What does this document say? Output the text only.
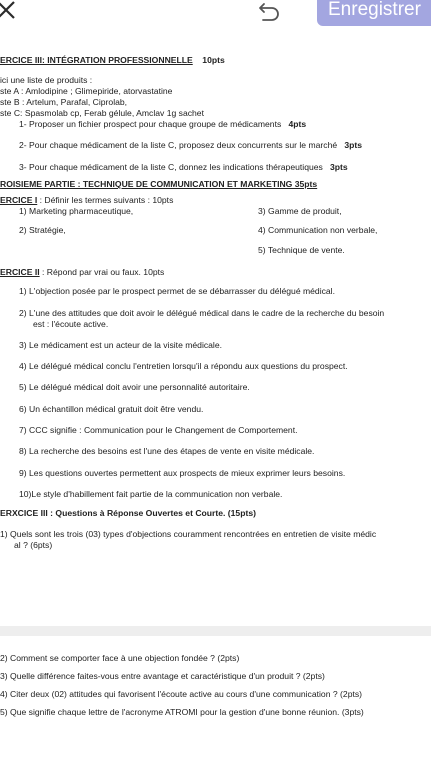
Enregistrer
ERCICE III: INTÉGRATION PROFESSIONNELLE 10pts
ici une liste de produits :
ste A : Amlodipine ; Glimepiride, atorvastatine
ste B : Artelum, Parafal, Ciprolab,
ste C: Spasmolab cp, Ferab gélule, Amclav 1g sachet
1- Proposer un fichier prospect pour chaque groupe de médicaments 4pts
2- Pour chaque médicament de la liste C, proposez deux concurrents sur le marché 3pts
3- Pour chaque médicament de la liste C, donnez les indications thérapeutiques 3pts
ROISIEME PARTIE : TECHNIQUE DE COMMUNICATION ET MARKETING 35pts
ERCICE I : Définir les termes suivants : 10pts
1) Marketing pharmaceutique,
2) Stratégie,
3) Gamme de produit,
4) Communication non verbale,
5) Technique de vente.
ERCICE II : Répond par vrai ou faux. 10pts
1) L'objection posée par le prospect permet de se débarrasser du délégué médical.
2) L'une des attitudes que doit avoir le délégué médical dans le cadre de la recherche du besoin
est : l'écoute active.
3) Le médicament est un acteur de la visite médicale.
4) Le délégué médical conclu l'entretien lorsqu'il a répondu aux questions du prospect.
5) Le délégué médical doit avoir une personnalité autoritaire.
6) Un échantillon médical gratuit doit être vendu.
7) CCC signifie : Communication pour le Changement de Comportement.
8) La recherche des besoins est l'une des étapes de vente en visite médicale.
9) Les questions ouvertes permettent aux prospects de mieux exprimer leurs besoins.
10)Le style d'habillement fait partie de la communication non verbale.
ERXCICE III : Questions à Réponse Ouvertes et Courte. (15pts)
1) Quels sont les trois (03) types d'objections couramment rencontrées en entretien de visite médic
al ? (6pts)
2) Comment se comporter face à une objection fondée ? (2pts)
3) Quelle différence faites-vous entre avantage et caractéristique d'un produit ? (2pts)
4) Citer deux (02) attitudes qui favorisent l'écoute active au cours d'une communication ? (2pts)
5) Que signifie chaque lettre de l'acronyme ATROMI pour la gestion d'une bonne réunion. (3pts)
